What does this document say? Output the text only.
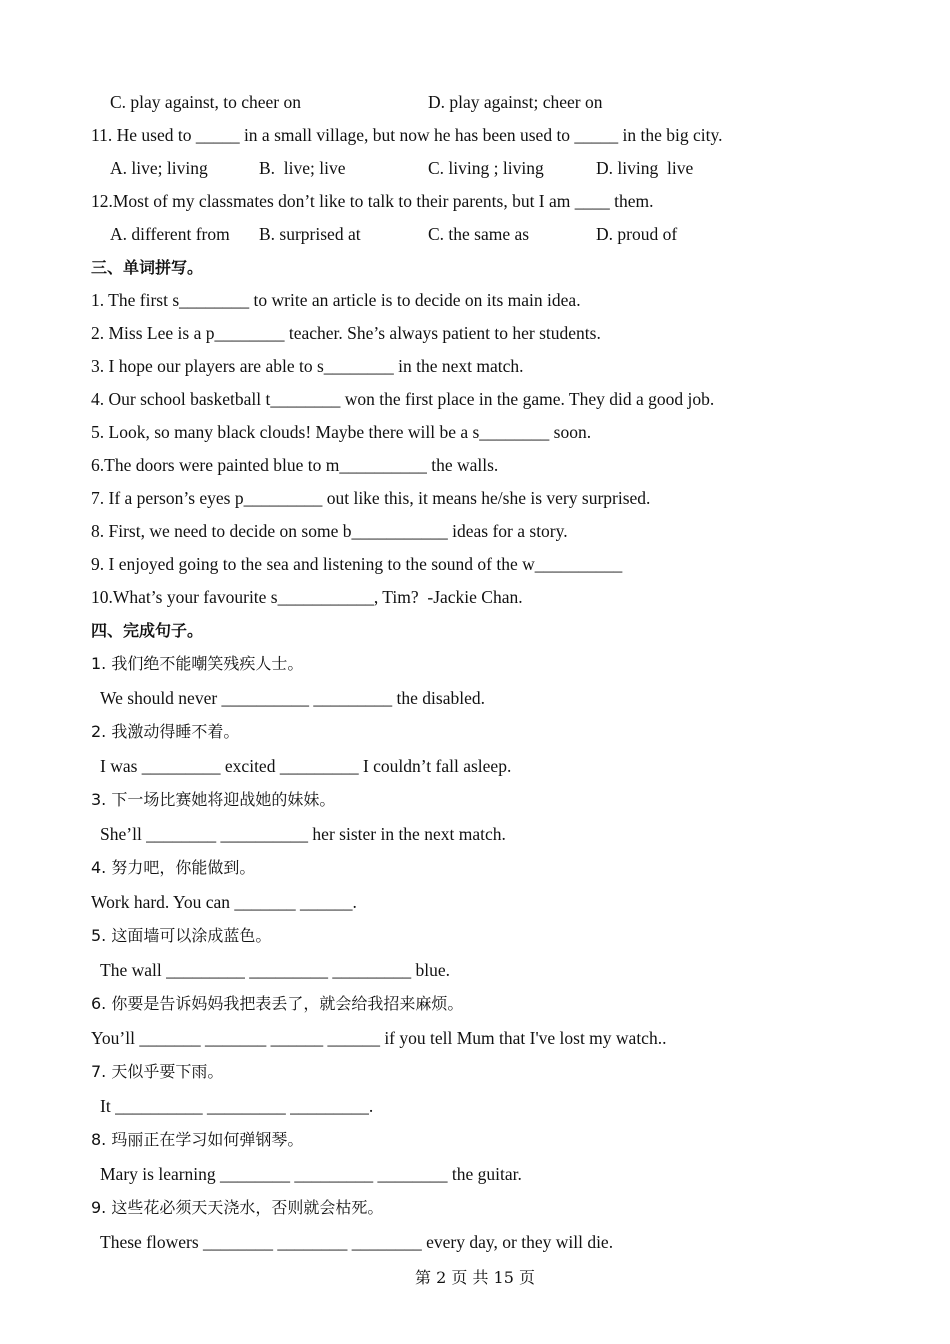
C. play against, to cheer on	D. play against; cheer on
11. He used to _____ in a small village, but now he has been used to _____ in the big city.
A. live; living	B.  live; live	C. living ; living	D. living  live
12.Most of my classmates don’t like to talk to their parents, but I am ____ them.
A. different from B. surprised at	C. the same as	D. proud of
三、单词拼写。
1. The first s________ to write an article is to decide on its main idea.
2. Miss Lee is a p________ teacher. She’s always patient to her students.
3. I hope our players are able to s________ in the next match.
4. Our school basketball t________ won the first place in the game. They did a good job.
5. Look, so many black clouds! Maybe there will be a s________ soon.
6.The doors were painted blue to m__________ the walls.
7. If a person’s eyes p_________ out like this, it means he/she is very surprised.
8. First, we need to decide on some b___________ ideas for a story.
9. I enjoyed going to the sea and listening to the sound of the w__________
10.What’s your favourite s___________, Tim?  -Jackie Chan.
四、完成句子。
1. 我们绝不能嘲笑残疾人士。
We should never __________ _________ the disabled.
2. 我激动得睡不着。
I was _________ excited _________ I couldn’t fall asleep.
3. 下一场比赛她将迎战她的妹妹。
She’ll ________ __________ her sister in the next match.
4. 努力吧，你能做到。
Work hard. You can _______ ______.
5. 这面墙可以涂成蓝色。
The wall _________ _________ _________ blue.
6. 你要是告诉妈妈我把表丢了，就会给我招来麻烦。
You’ll _______ _______ ______ ______ if you tell Mum that I've lost my watch..
7. 天似乎要下雨。
It __________ _________ _________.
8. 玛丽正在学习如何弹钢琴。
Mary is learning ________ _________ ________ the guitar.
9. 这些花必须天天浇水，否则就会枯死。
These flowers ________ ________ ________ every day, or they will die.
第 2 页 共 15 页
